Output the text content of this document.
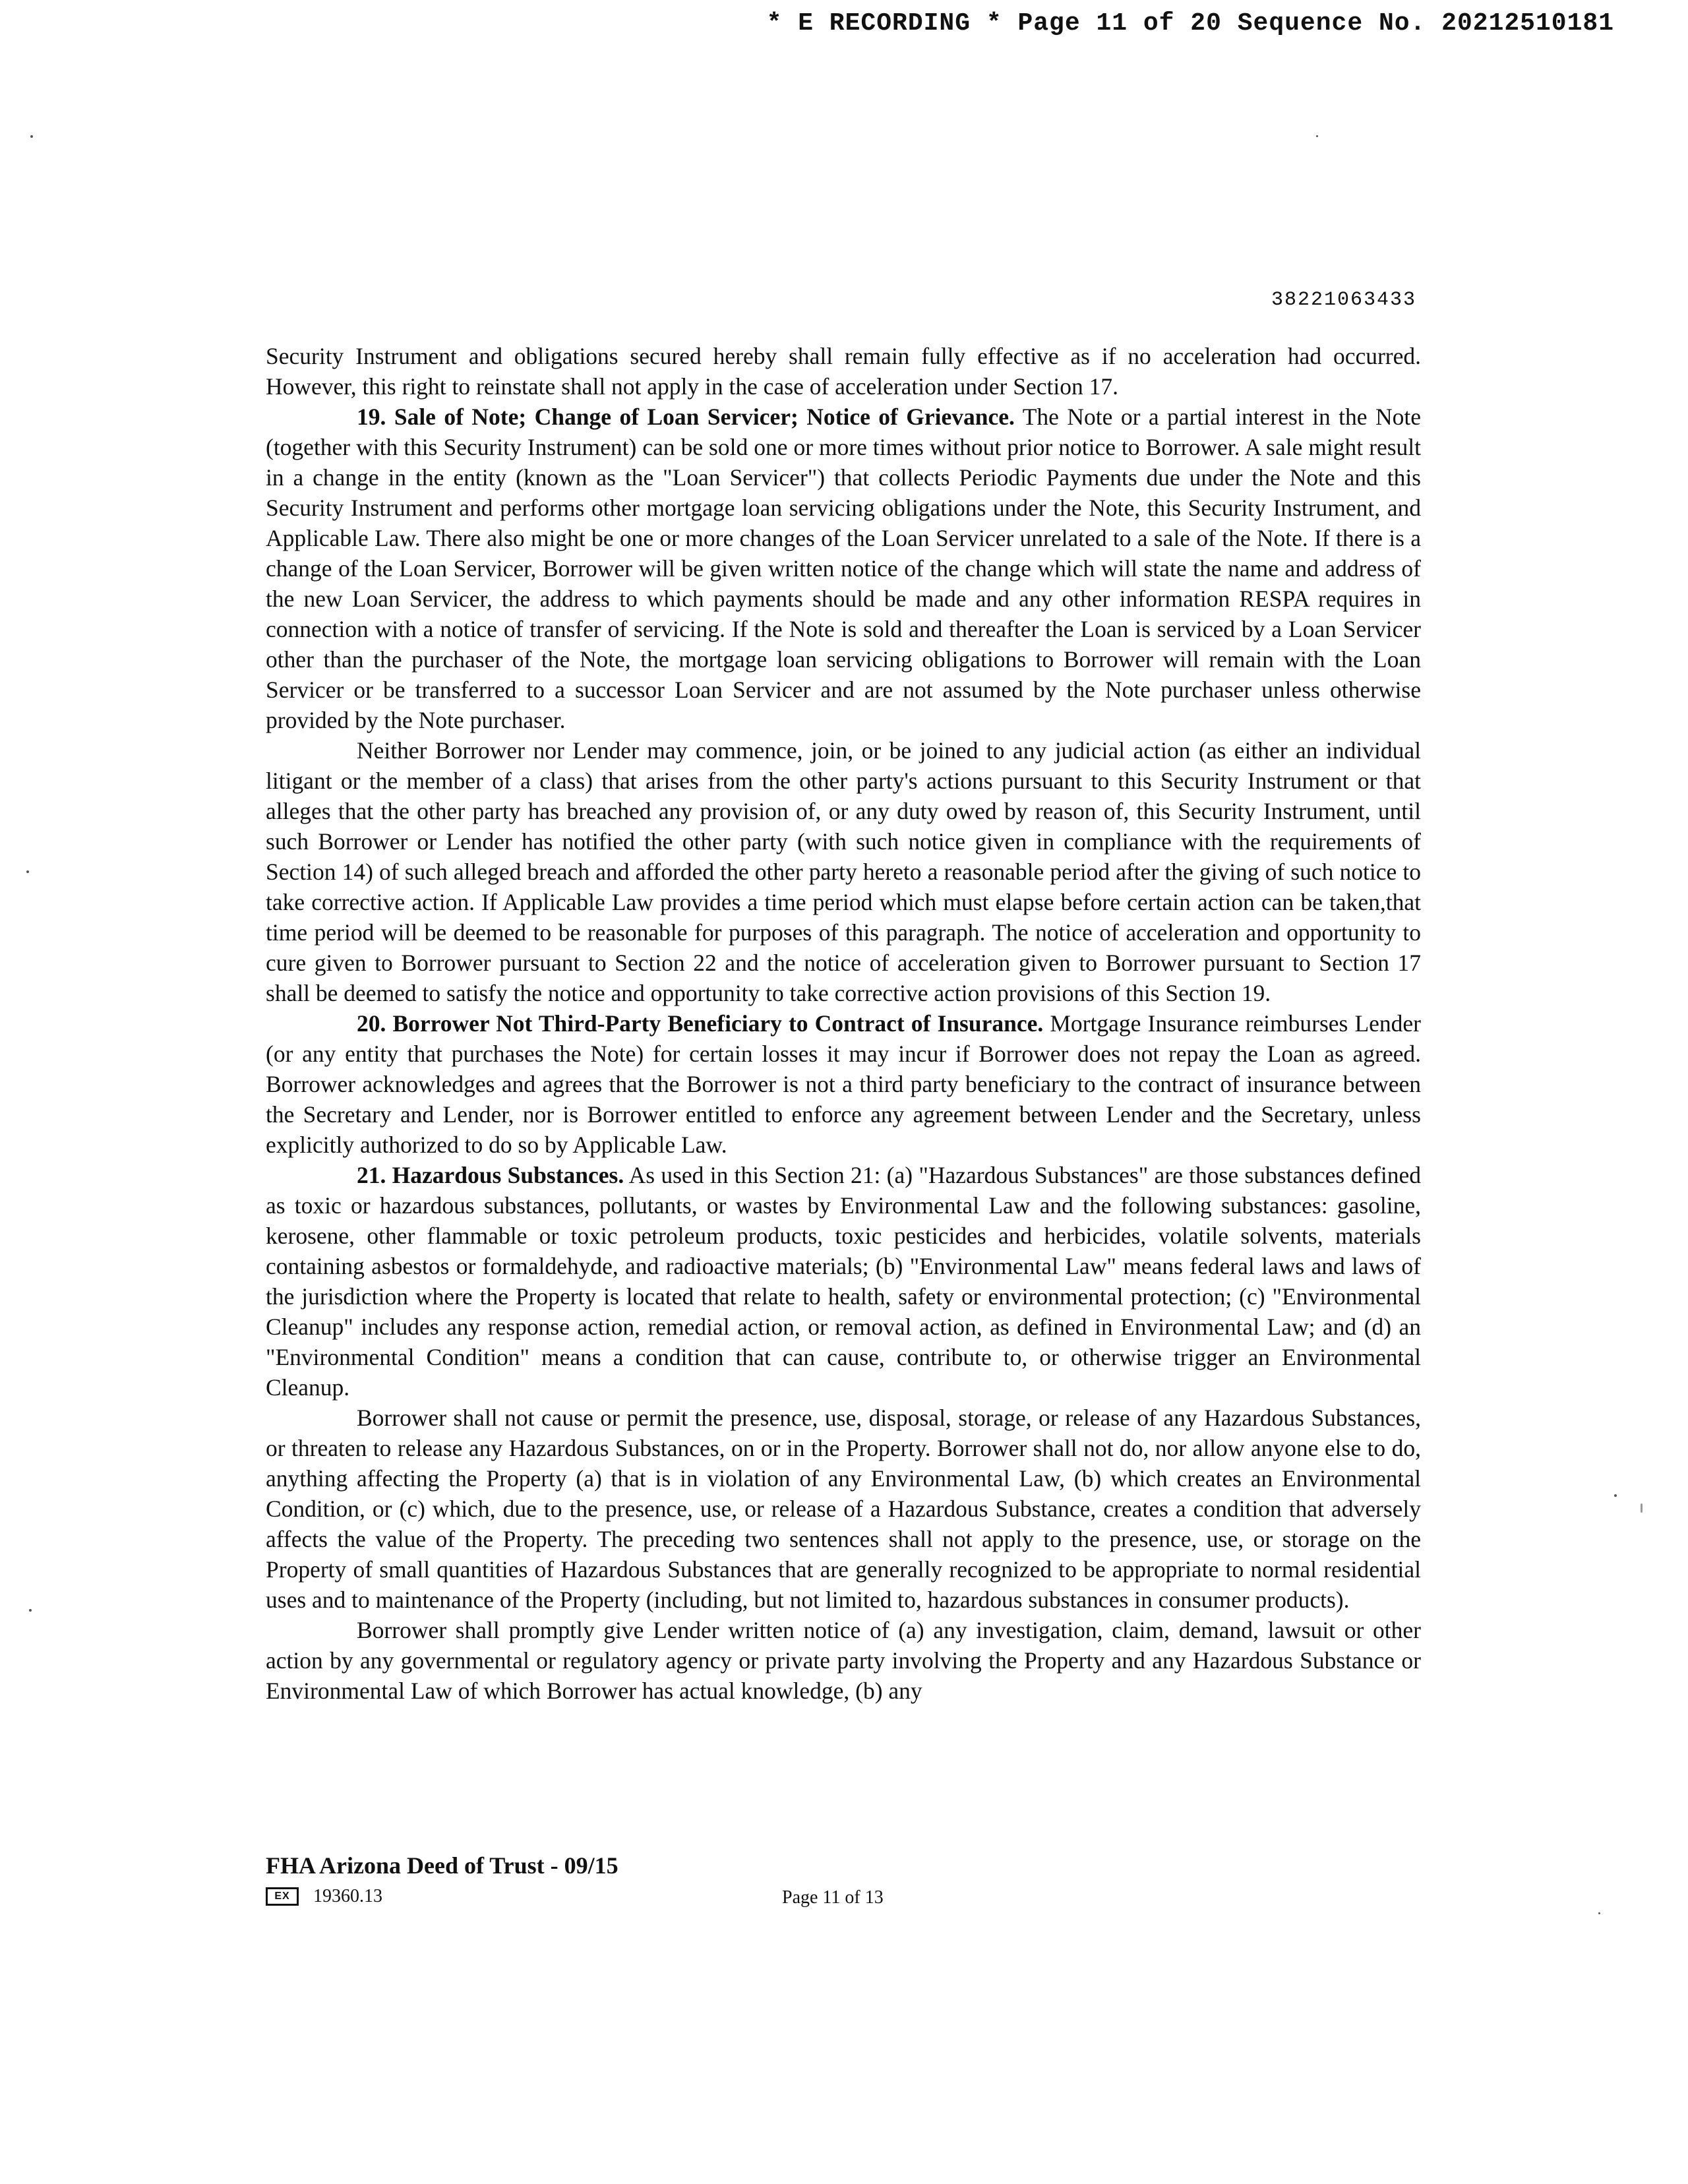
* E RECORDING * Page 11 of 20 Sequence No. 20212510181
38221063433

Security Instrument and obligations secured hereby shall remain fully effective as if no acceleration had occurred. However, this right to reinstate shall not apply in the case of acceleration under Section 17.

19. Sale of Note; Change of Loan Servicer; Notice of Grievance. The Note or a partial interest in the Note (together with this Security Instrument) can be sold one or more times without prior notice to Borrower. A sale might result in a change in the entity (known as the "Loan Servicer") that collects Periodic Payments due under the Note and this Security Instrument and performs other mortgage loan servicing obligations under the Note, this Security Instrument, and Applicable Law. There also might be one or more changes of the Loan Servicer unrelated to a sale of the Note. If there is a change of the Loan Servicer, Borrower will be given written notice of the change which will state the name and address of the new Loan Servicer, the address to which payments should be made and any other information RESPA requires in connection with a notice of transfer of servicing. If the Note is sold and thereafter the Loan is serviced by a Loan Servicer other than the purchaser of the Note, the mortgage loan servicing obligations to Borrower will remain with the Loan Servicer or be transferred to a successor Loan Servicer and are not assumed by the Note purchaser unless otherwise provided by the Note purchaser.

Neither Borrower nor Lender may commence, join, or be joined to any judicial action (as either an individual litigant or the member of a class) that arises from the other party's actions pursuant to this Security Instrument or that alleges that the other party has breached any provision of, or any duty owed by reason of, this Security Instrument, until such Borrower or Lender has notified the other party (with such notice given in compliance with the requirements of Section 14) of such alleged breach and afforded the other party hereto a reasonable period after the giving of such notice to take corrective action. If Applicable Law provides a time period which must elapse before certain action can be taken,that time period will be deemed to be reasonable for purposes of this paragraph. The notice of acceleration and opportunity to cure given to Borrower pursuant to Section 22 and the notice of acceleration given to Borrower pursuant to Section 17 shall be deemed to satisfy the notice and opportunity to take corrective action provisions of this Section 19.

20. Borrower Not Third-Party Beneficiary to Contract of Insurance. Mortgage Insurance reimburses Lender (or any entity that purchases the Note) for certain losses it may incur if Borrower does not repay the Loan as agreed. Borrower acknowledges and agrees that the Borrower is not a third party beneficiary to the contract of insurance between the Secretary and Lender, nor is Borrower entitled to enforce any agreement between Lender and the Secretary, unless explicitly authorized to do so by Applicable Law.

21. Hazardous Substances. As used in this Section 21: (a) "Hazardous Substances" are those substances defined as toxic or hazardous substances, pollutants, or wastes by Environmental Law and the following substances: gasoline, kerosene, other flammable or toxic petroleum products, toxic pesticides and herbicides, volatile solvents, materials containing asbestos or formaldehyde, and radioactive materials; (b) "Environmental Law" means federal laws and laws of the jurisdiction where the Property is located that relate to health, safety or environmental protection; (c) "Environmental Cleanup" includes any response action, remedial action, or removal action, as defined in Environmental Law; and (d) an "Environmental Condition" means a condition that can cause, contribute to, or otherwise trigger an Environmental Cleanup.

Borrower shall not cause or permit the presence, use, disposal, storage, or release of any Hazardous Substances, or threaten to release any Hazardous Substances, on or in the Property. Borrower shall not do, nor allow anyone else to do, anything affecting the Property (a) that is in violation of any Environmental Law, (b) which creates an Environmental Condition, or (c) which, due to the presence, use, or release of a Hazardous Substance, creates a condition that adversely affects the value of the Property. The preceding two sentences shall not apply to the presence, use, or storage on the Property of small quantities of Hazardous Substances that are generally recognized to be appropriate to normal residential uses and to maintenance of the Property (including, but not limited to, hazardous substances in consumer products).

Borrower shall promptly give Lender written notice of (a) any investigation, claim, demand, lawsuit or other action by any governmental or regulatory agency or private party involving the Property and any Hazardous Substance or Environmental Law of which Borrower has actual knowledge, (b) any

FHA Arizona Deed of Trust - 09/15
EX	19360.13	Page 11 of 13
